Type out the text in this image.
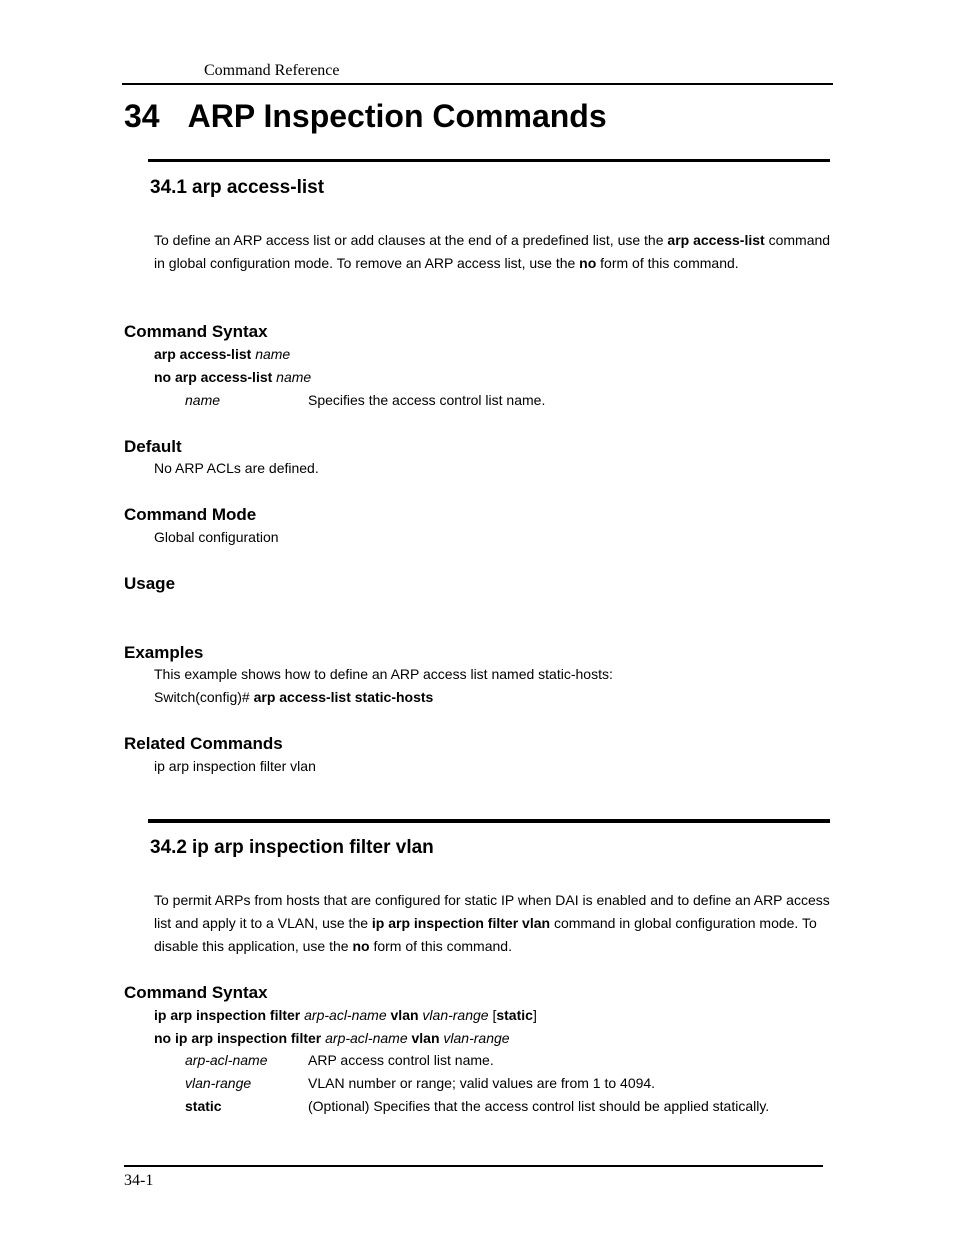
Command Reference
34 ARP Inspection Commands
34.1 arp access-list
To define an ARP access list or add clauses at the end of a predefined list, use the arp access-list command in global configuration mode. To remove an ARP access list, use the no form of this command.
Command Syntax
arp access-list name
no arp access-list name
name	Specifies the access control list name.
Default
No ARP ACLs are defined.
Command Mode
Global configuration
Usage
Examples
This example shows how to define an ARP access list named static-hosts:
Switch(config)# arp access-list static-hosts
Related Commands
ip arp inspection filter vlan
34.2 ip arp inspection filter vlan
To permit ARPs from hosts that are configured for static IP when DAI is enabled and to define an ARP access list and apply it to a VLAN, use the ip arp inspection filter vlan command in global configuration mode. To disable this application, use the no form of this command.
Command Syntax
ip arp inspection filter arp-acl-name vlan vlan-range [static]
no ip arp inspection filter arp-acl-name vlan vlan-range
arp-acl-name	ARP access control list name.
vlan-range	VLAN number or range; valid values are from 1 to 4094.
static	(Optional) Specifies that the access control list should be applied statically.
34-1
